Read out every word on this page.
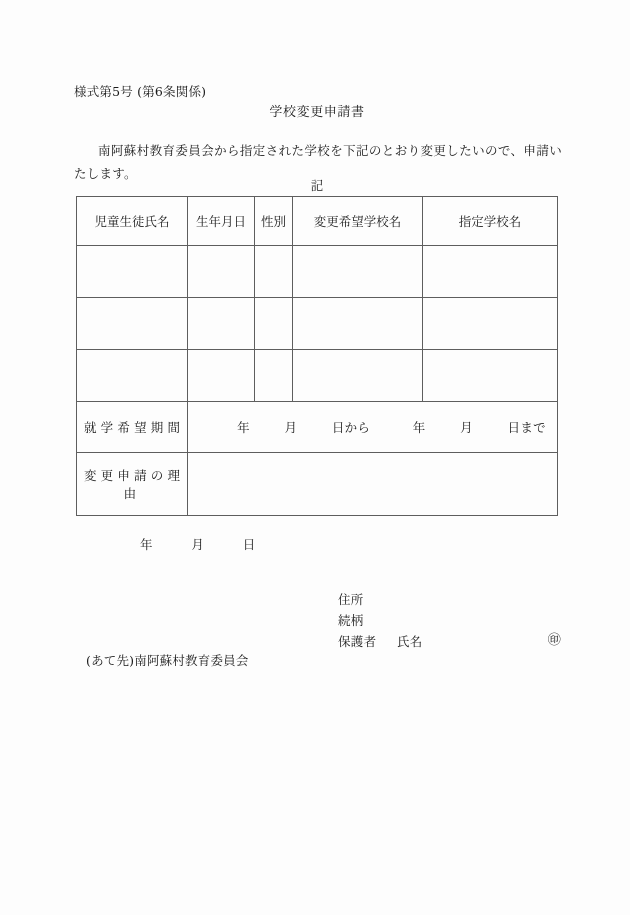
様式第5号 (第6条関係)
学校変更申請書
南阿蘇村教育委員会から指定された学校を下記のとおり変更したいので、申請いたします。
記
児童生徒氏名	生年月日	性別	変更希望学校名	指定学校名

就学希望期間	年 月 日から 年 月 日まで			
変更申請の理由				
年	月	日
住所
続柄
保護者 氏名	㊞
(あて先)南阿蘇村教育委員会
